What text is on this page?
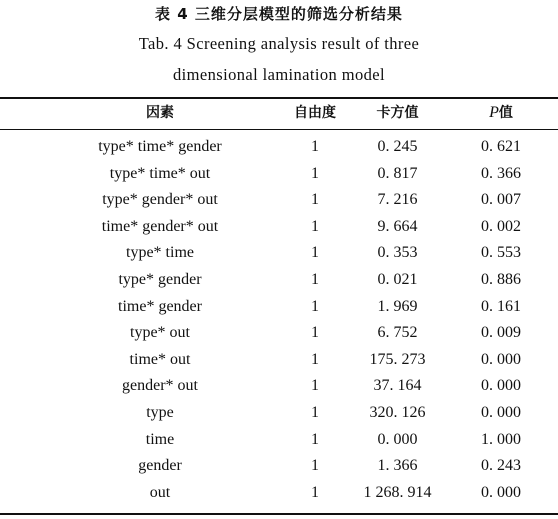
表 4 三维分层模型的筛选分析结果
Tab. 4 Screening analysis result of three
dimensional lamination model
因素	自由度	卡方值	P值
type* time* gender	1	0. 245	0. 621
type* time* out	1	0. 817	0. 366
type* gender* out	1	7. 216	0. 007
time* gender* out	1	9. 664	0. 002
type* time	1	0. 353	0. 553
type* gender	1	0. 021	0. 886
time* gender	1	1. 969	0. 161
type* out	1	6. 752	0. 009
time* out	1	175. 273	0. 000
gender* out	1	37. 164	0. 000
type	1	320. 126	0. 000
time	1	0. 000	1. 000
gender	1	1. 366	0. 243
out	1	1 268. 914	0. 000
